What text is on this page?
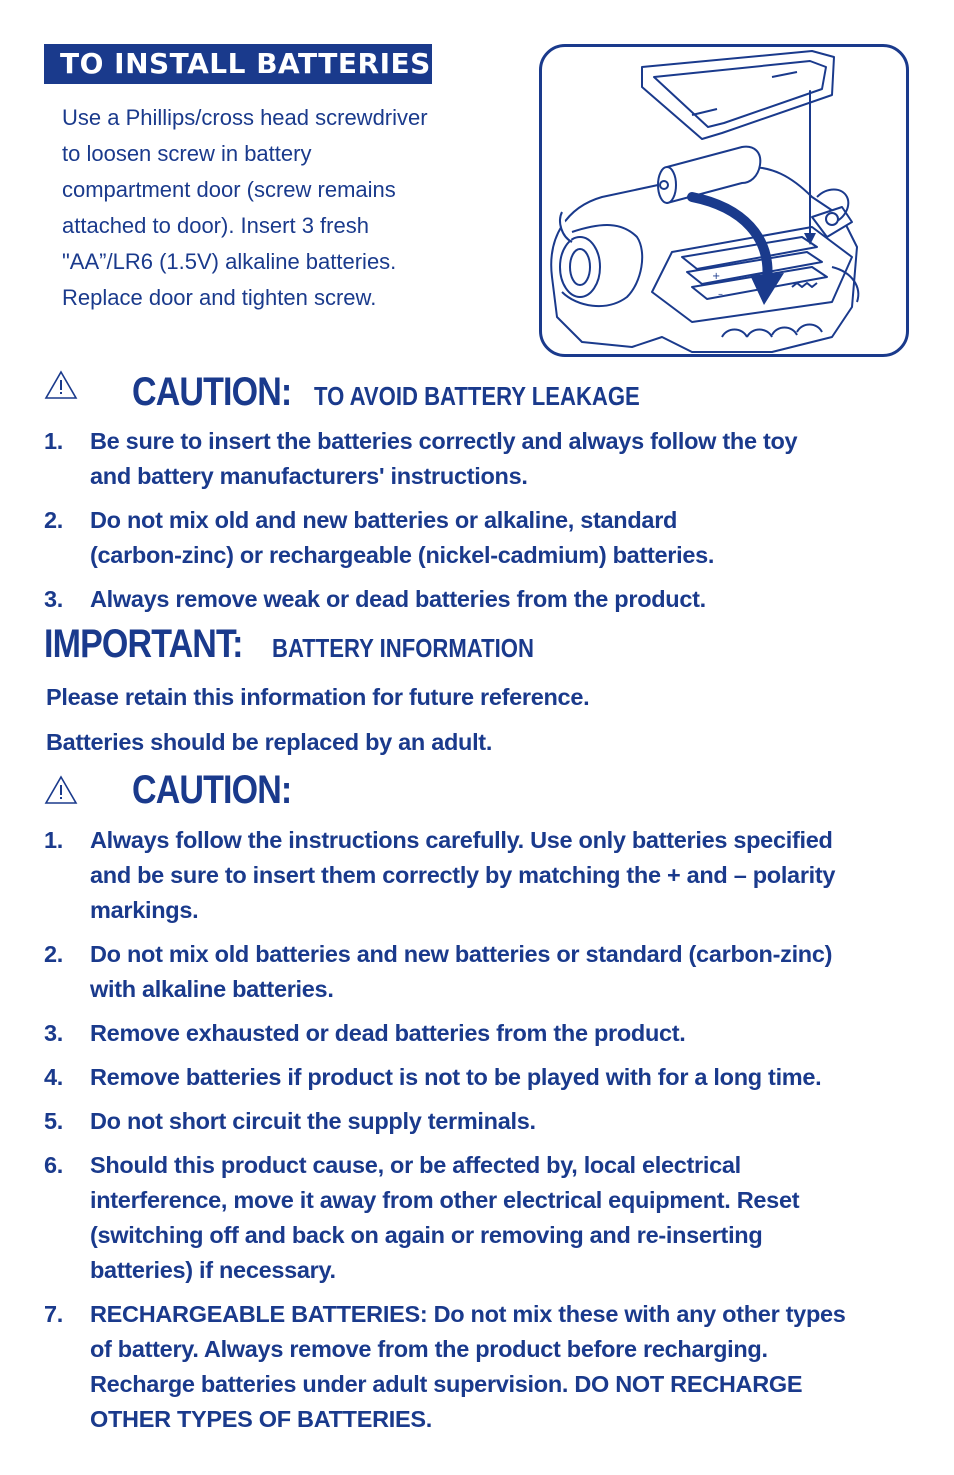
TO INSTALL BATTERIES

Use a Phillips/cross head screwdriver

to loosen screw in battery

compartment door (screw remains

attached to door). Insert 3 fresh

"AA”/LR6 (1.5V) alkaline batteries.

Replace door and tighten screw.

+
–
CAUTION: TO AVOID BATTERY LEAKAGE
1. Be sure to insert the batteries correctly and always follow the toy
and battery manufacturers' instructions.
2. Do not mix old and new batteries or alkaline, standard
(carbon-zinc) or rechargeable (nickel-cadmium) batteries.
3. Always remove weak or dead batteries from the product.
IMPORTANT: BATTERY INFORMATION
Please retain this information for future reference.
Batteries should be replaced by an adult.
CAUTION:
1. Always follow the instructions carefully. Use only batteries specified
and be sure to insert them correctly by matching the + and – polarity
markings.
2. Do not mix old batteries and new batteries or standard (carbon-zinc)
with alkaline batteries.
3. Remove exhausted or dead batteries from the product.
4. Remove batteries if product is not to be played with for a long time.
5. Do not short circuit the supply terminals.
6. Should this product cause, or be affected by, local electrical
interference, move it away from other electrical equipment. Reset
(switching off and back on again or removing and re-inserting
batteries) if necessary.
7. RECHARGEABLE BATTERIES: Do not mix these with any other types
of battery. Always remove from the product before recharging.
Recharge batteries under adult supervision. DO NOT RECHARGE
OTHER TYPES OF BATTERIES.
